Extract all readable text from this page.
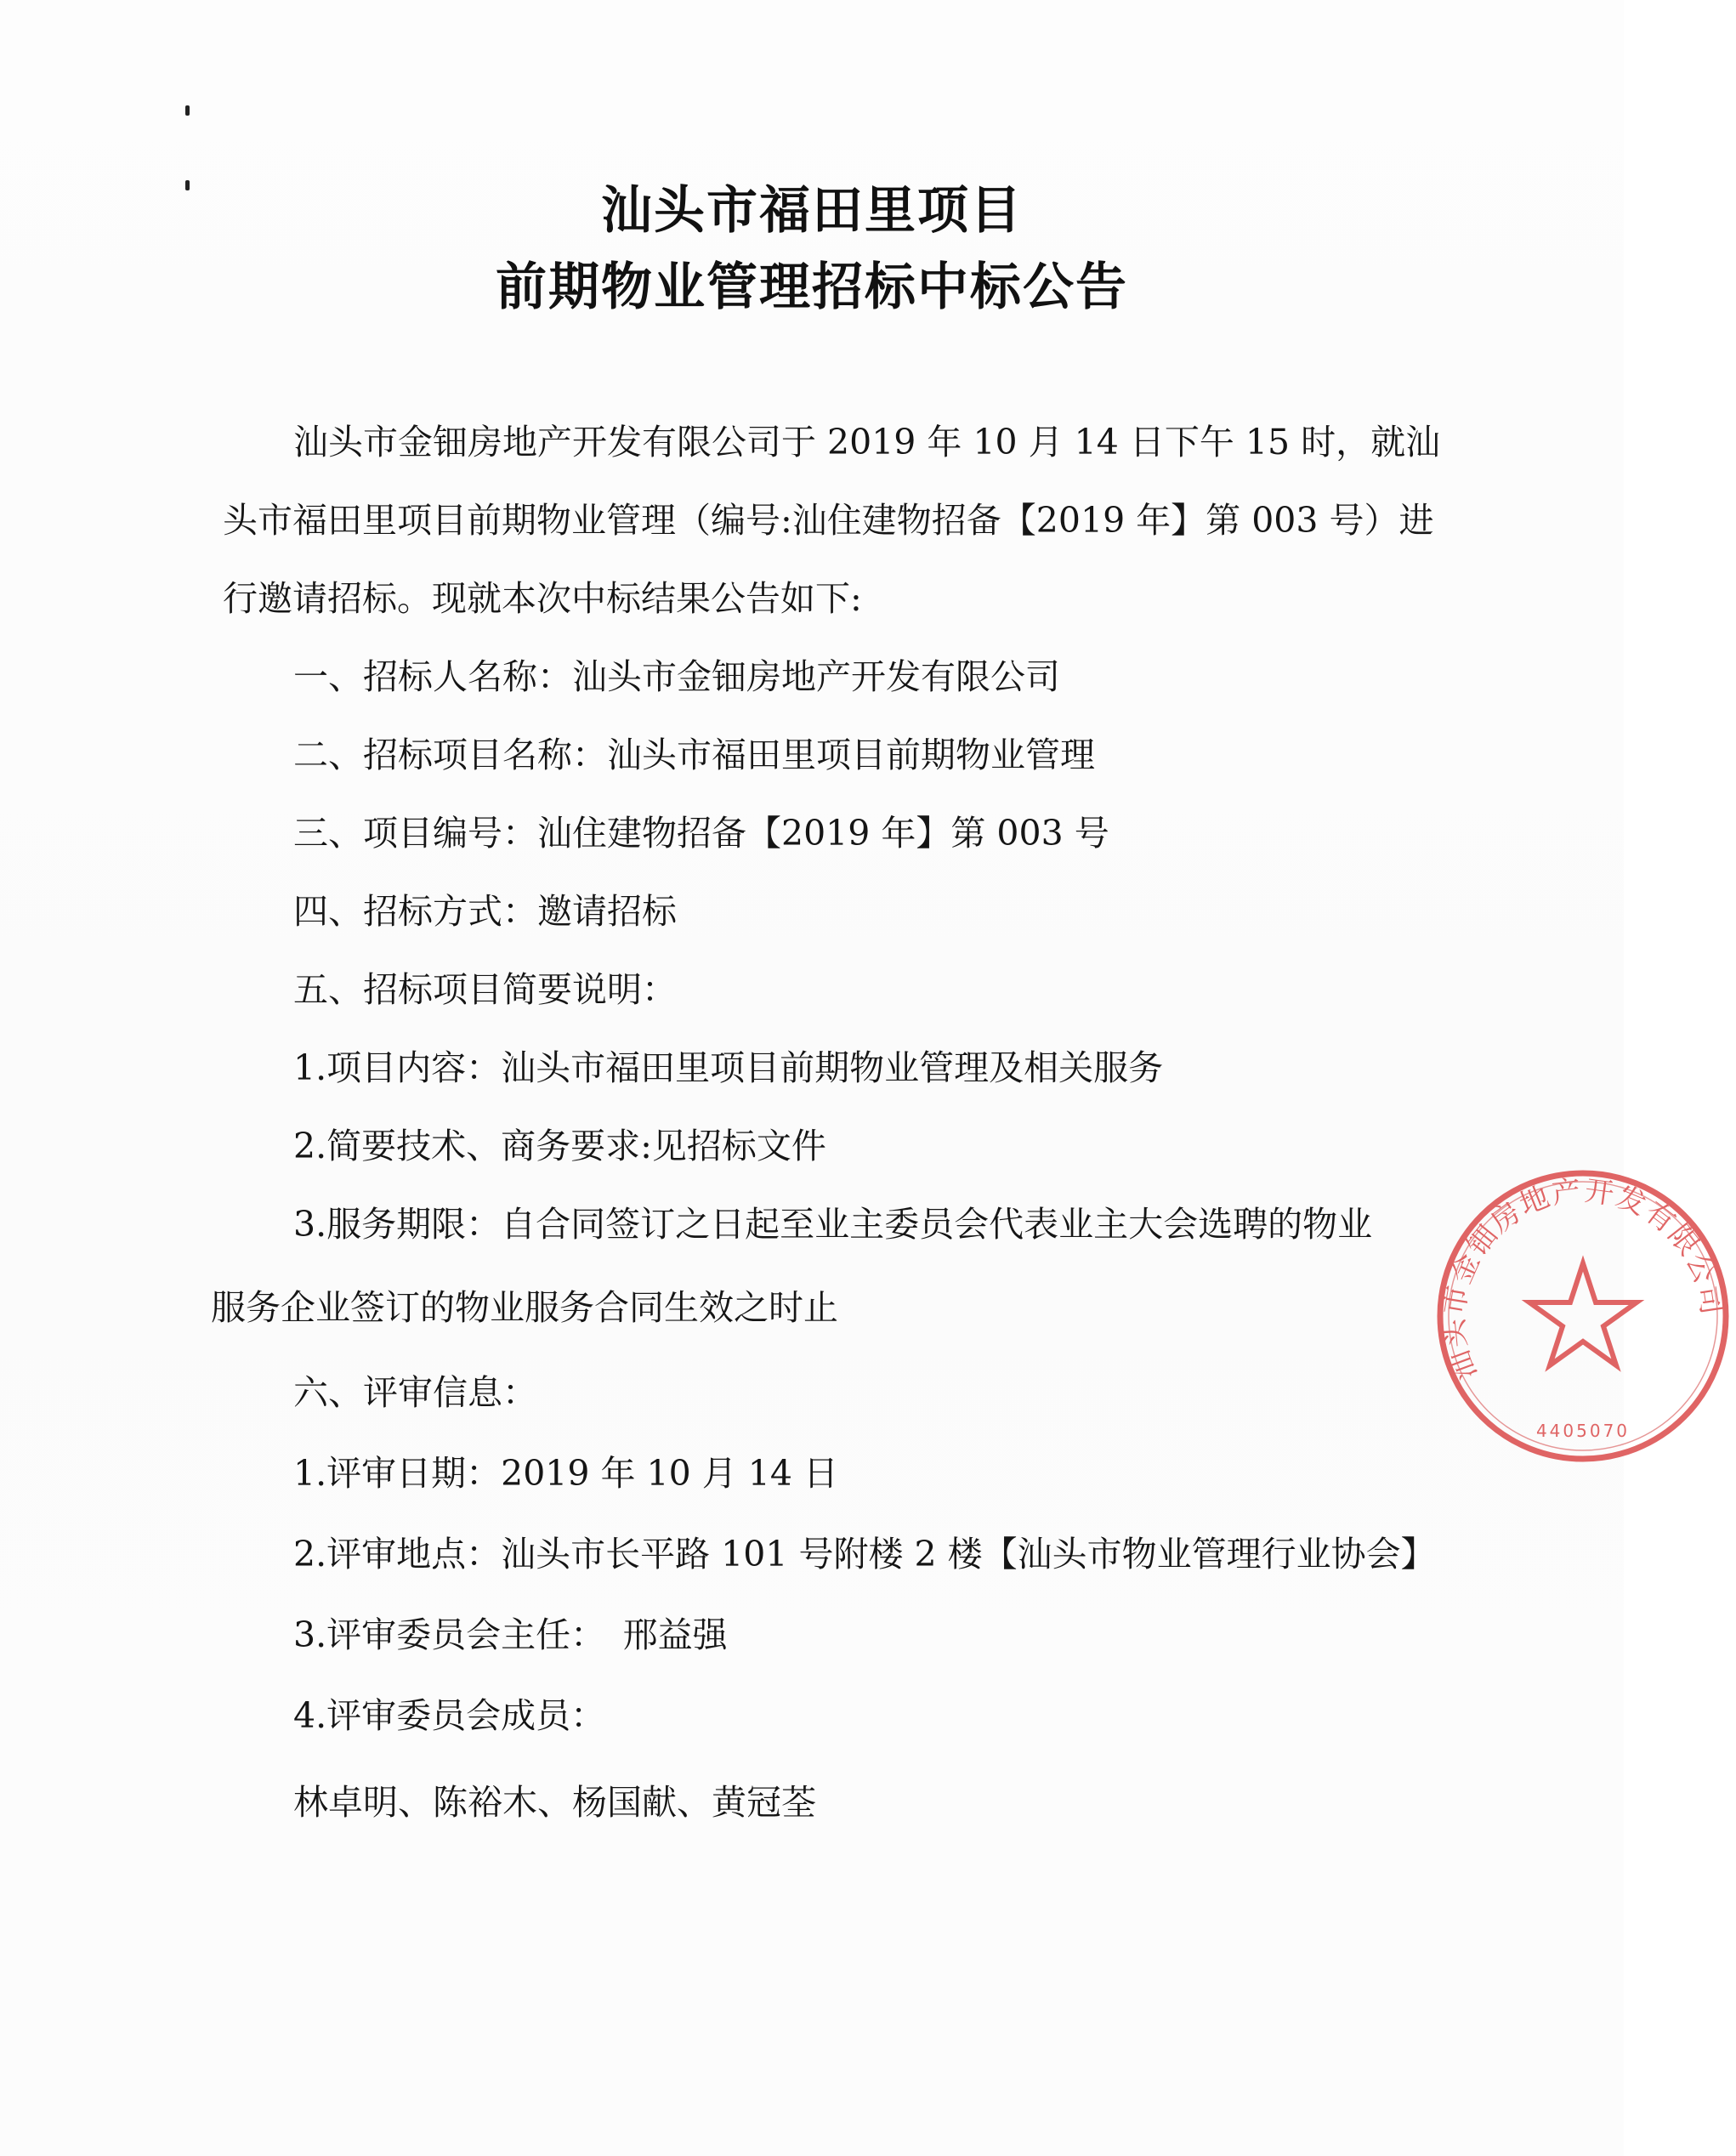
汕头市福田里项目
前期物业管理招标中标公告
汕头市金钿房地产开发有限公司于 2019 年 10 月 14 日下午 15 时，就汕
头市福田里项目前期物业管理（编号:汕住建物招备【2019 年】第 003 号）进
行邀请招标。现就本次中标结果公告如下:
一、招标人名称：汕头市金钿房地产开发有限公司
二、招标项目名称：汕头市福田里项目前期物业管理
三、项目编号：汕住建物招备【2019 年】第 003 号
四、招标方式：邀请招标
五、招标项目简要说明：
1.项目内容：汕头市福田里项目前期物业管理及相关服务
2.简要技术、商务要求:见招标文件
3.服务期限：自合同签订之日起至业主委员会代表业主大会选聘的物业
服务企业签订的物业服务合同生效之时止
六、评审信息：
1.评审日期：2019 年 10 月 14 日
2.评审地点：汕头市长平路 101 号附楼 2 楼【汕头市物业管理行业协会】
3.评审委员会主任：　邢益强
4.评审委员会成员：
林卓明、陈裕木、杨国献、黄冠荃
汕头市金钿房地产开发有限公司
4405070
